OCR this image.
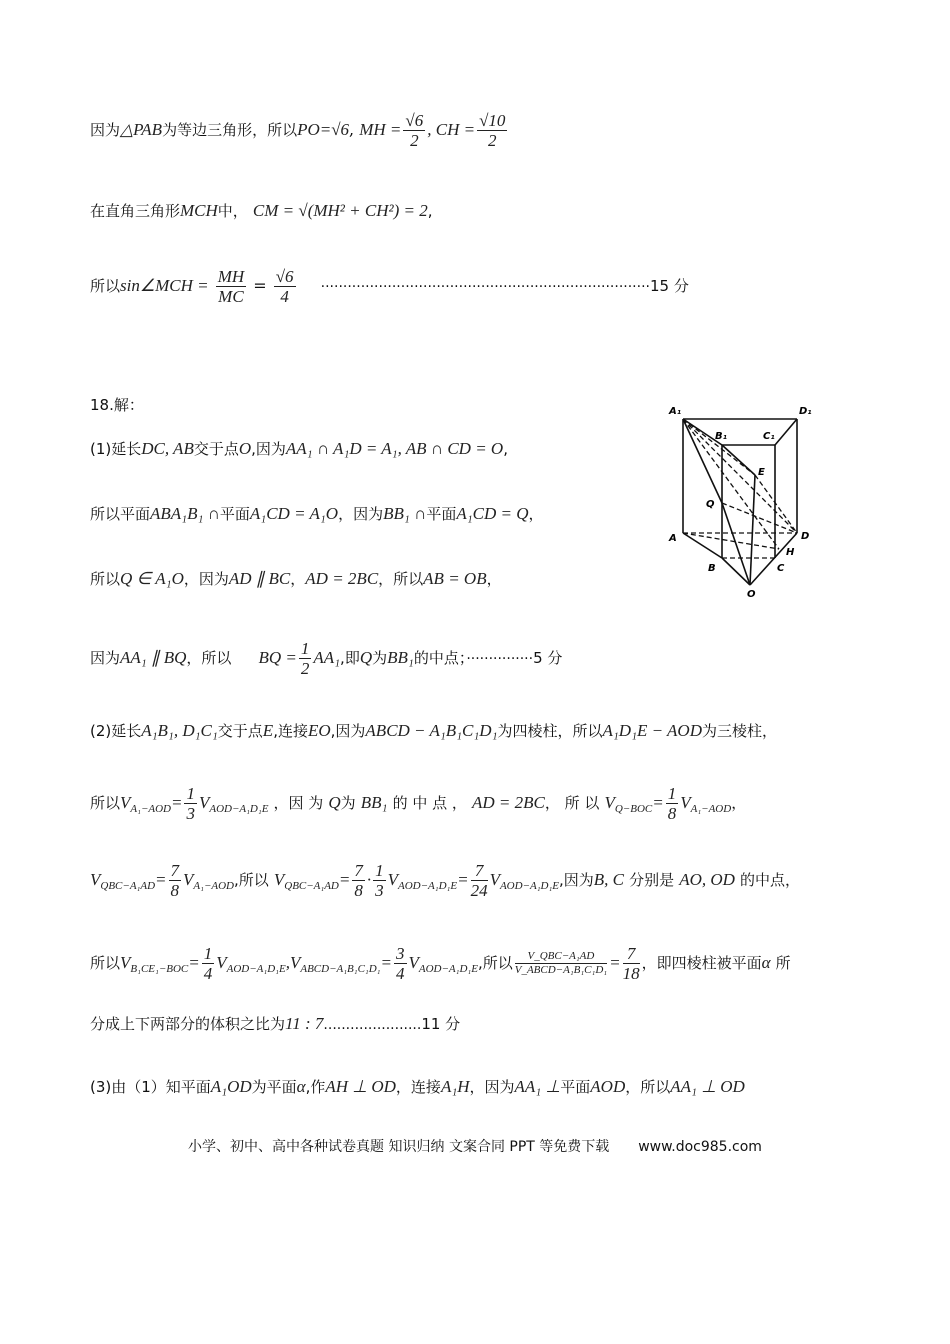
因为△PAB为等边三角形，所以PO=√6, MH = $\frac{√6}{2}$ , CH = $\frac{√10}{2}$
在直角三角形MCH中， CM = √(MH² + CH²) = 2,
所以sin∠MCH = $\frac{MH}{MC} = \frac{√6}{4} \cdot\cdot\cdot\cdot\cdot\cdot\cdot\cdot\cdot\cdot\cdot\cdot\cdot\cdot\cdot\cdot\cdot\cdot\cdot\cdot\cdot\cdot\cdot\cdot\cdot\cdot\cdot\cdot\cdot\cdot\cdot\cdot\cdot\cdot\cdot\cdot\cdot\cdot\cdot\cdot\cdot\cdot\cdot\cdot\cdot\cdot\cdot\cdot\cdot\cdot\cdot\cdot\cdot\cdot\cdot\cdot\cdot\cdot\cdot\cdot\cdot\cdot\cdot\cdot\cdot\cdot\cdot\cdot\cdot\cdot\cdot\cdot\cdot\cdot 15$ 分
18.解：
(1)延长DC, AB交于点O,因为AA₁ ∩ A₁D = A₁, AB ∩ CD = O,
所以平面ABA₁B₁ ∩平面A₁CD = A₁O，因为BB₁ ∩平面A₁CD = Q，
所以Q ∈ A₁O，因为AD ∥ BC，AD = 2BC，所以AB = OB，
因为AA₁ ∥ BQ，所以 BQ = $\frac{1}{2} AA_1$,即Q为BB₁的中点；···············5 分
(2)延长A₁B₁, D₁C₁交于点E,连接EO,因为ABCD − A₁B₁C₁D₁为四棱柱，所以A₁D₁E − AOD为三棱柱，
所以$V_{A_1-AOD}= \frac{1}{3} V_{AOD-A_1D_1E}$ ，因 为 Q为 BB₁ 的 中 点 ， AD = 2BC， 所 以 $V_{Q-BOC}= \frac{1}{8} V_{A_1-AOD}$，
$V_{QBC-A_1AD}= \frac{7}{8} V_{A_1-AOD}$,所以 $V_{QBC-A_1AD}= \frac{7}{8} \cdot \frac{1}{3} V_{AOD-A_1D_1E}= \frac{7}{24} V_{AOD-A_1D_1E}$,因为B, C 分别是 AO, OD 的中点，
所以$V_{B_1CE_1-BOC}= \frac{1}{4} V_{AOD-A_1D_1E},V_{ABCD-A_1B_1C_1D_1}= \frac{3}{4} V_{AOD-A_1D_1E}$,所以 $\frac{\text{V\_QBC−A₁AD}}{\text{V\_ABCD−A₁B₁C₁D₁}} = \frac{7}{18}$ ，即四棱柱被平面α 所
分成上下两部分的体积之比为11 : 7......................11 分
(3)由（1）知平面A₁OD为平面α,作AH ⊥ OD，连接A₁H，因为AA₁ ⊥平面AOD，所以AA₁ ⊥ OD
A₁	D₁
B₁	C₁
E
Q
A	D
H
B	C
O
小学、初中、高中各种试卷真题 知识归纳 文案合同 PPT 等免费下载 www.doc985.com
